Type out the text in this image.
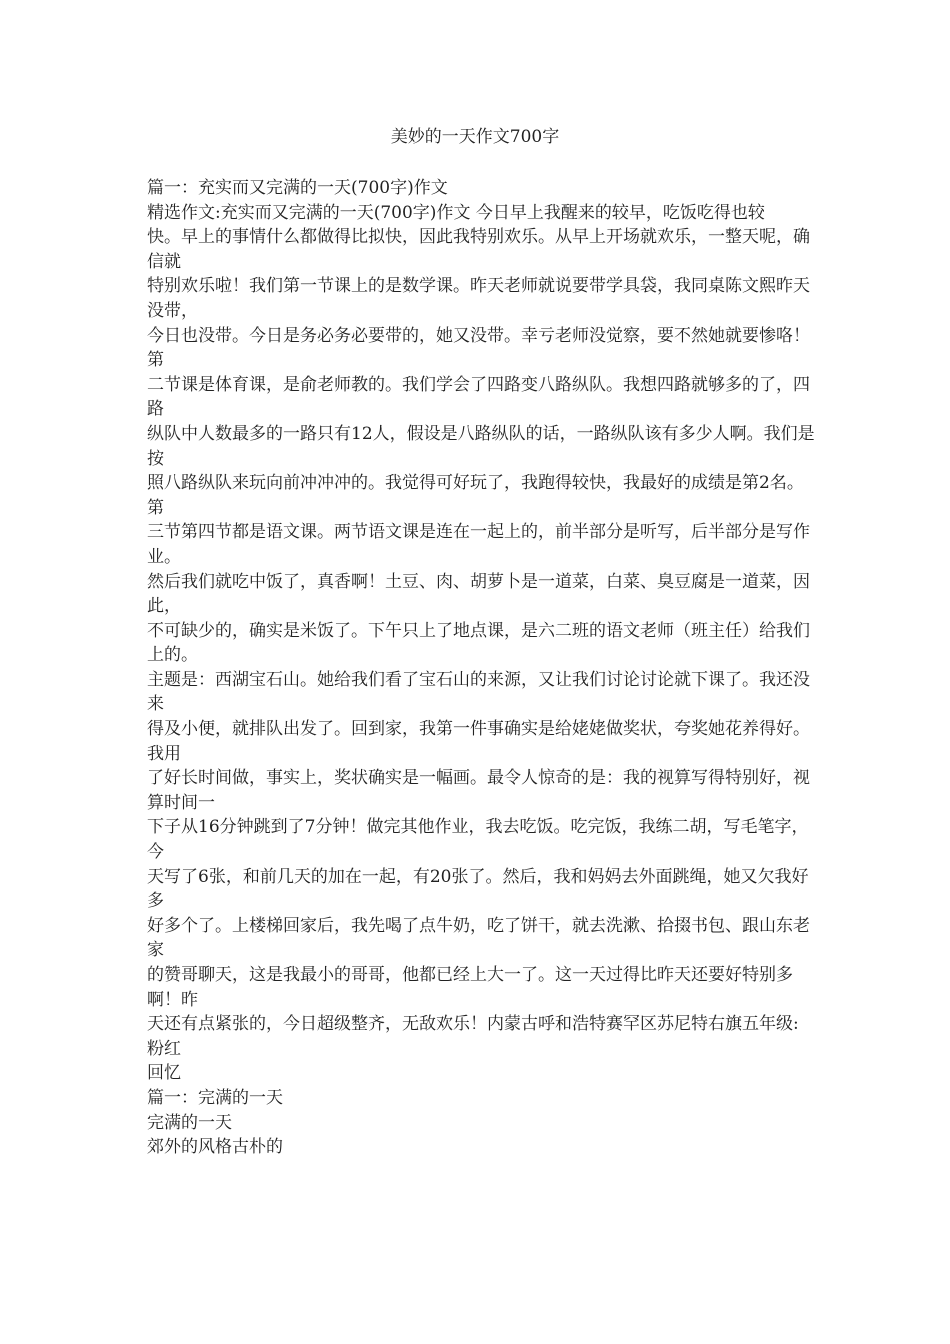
美妙的一天作文700字
篇一：充实而又完满的一天(700字)作文
精选作文:充实而又完满的一天(700字)作文 今日早上我醒来的较早，吃饭吃得也较
快。早上的事情什么都做得比拟快，因此我特别欢乐。从早上开场就欢乐，一整天呢，确信就
特别欢乐啦！我们第一节课上的是数学课。昨天老师就说要带学具袋，我同桌陈文熙昨天没带，
今日也没带。今日是务必务必要带的，她又没带。幸亏老师没觉察，要不然她就要惨咯！第
二节课是体育课，是俞老师教的。我们学会了四路变八路纵队。我想四路就够多的了，四路
纵队中人数最多的一路只有12人，假设是八路纵队的话，一路纵队该有多少人啊。我们是按
照八路纵队来玩向前冲冲冲的。我觉得可好玩了，我跑得较快，我最好的成绩是第2名。第
三节第四节都是语文课。两节语文课是连在一起上的，前半部分是听写，后半部分是写作业。
然后我们就吃中饭了，真香啊！土豆、肉、胡萝卜是一道菜，白菜、臭豆腐是一道菜，因此，
不可缺少的，确实是米饭了。下午只上了地点课，是六二班的语文老师（班主任）给我们上的。
主题是：西湖宝石山。她给我们看了宝石山的来源，又让我们讨论讨论就下课了。我还没来
得及小便，就排队出发了。回到家，我第一件事确实是给姥姥做奖状，夸奖她花养得好。我用
了好长时间做，事实上，奖状确实是一幅画。最令人惊奇的是：我的视算写得特别好，视算时间一
下子从16分钟跳到了7分钟！做完其他作业，我去吃饭。吃完饭，我练二胡，写毛笔字，今
天写了6张，和前几天的加在一起，有20张了。然后，我和妈妈去外面跳绳，她又欠我好多
好多个了。上楼梯回家后，我先喝了点牛奶，吃了饼干，就去洗漱、拾掇书包、跟山东老家
的赞哥聊天，这是我最小的哥哥，他都已经上大一了。这一天过得比昨天还要好特别多啊！昨
天还有点紧张的，今日超级整齐，无敌欢乐！内蒙古呼和浩特赛罕区苏尼特右旗五年级:粉红
回忆
篇一：完满的一天
完满的一天
郊外的风格古朴的
